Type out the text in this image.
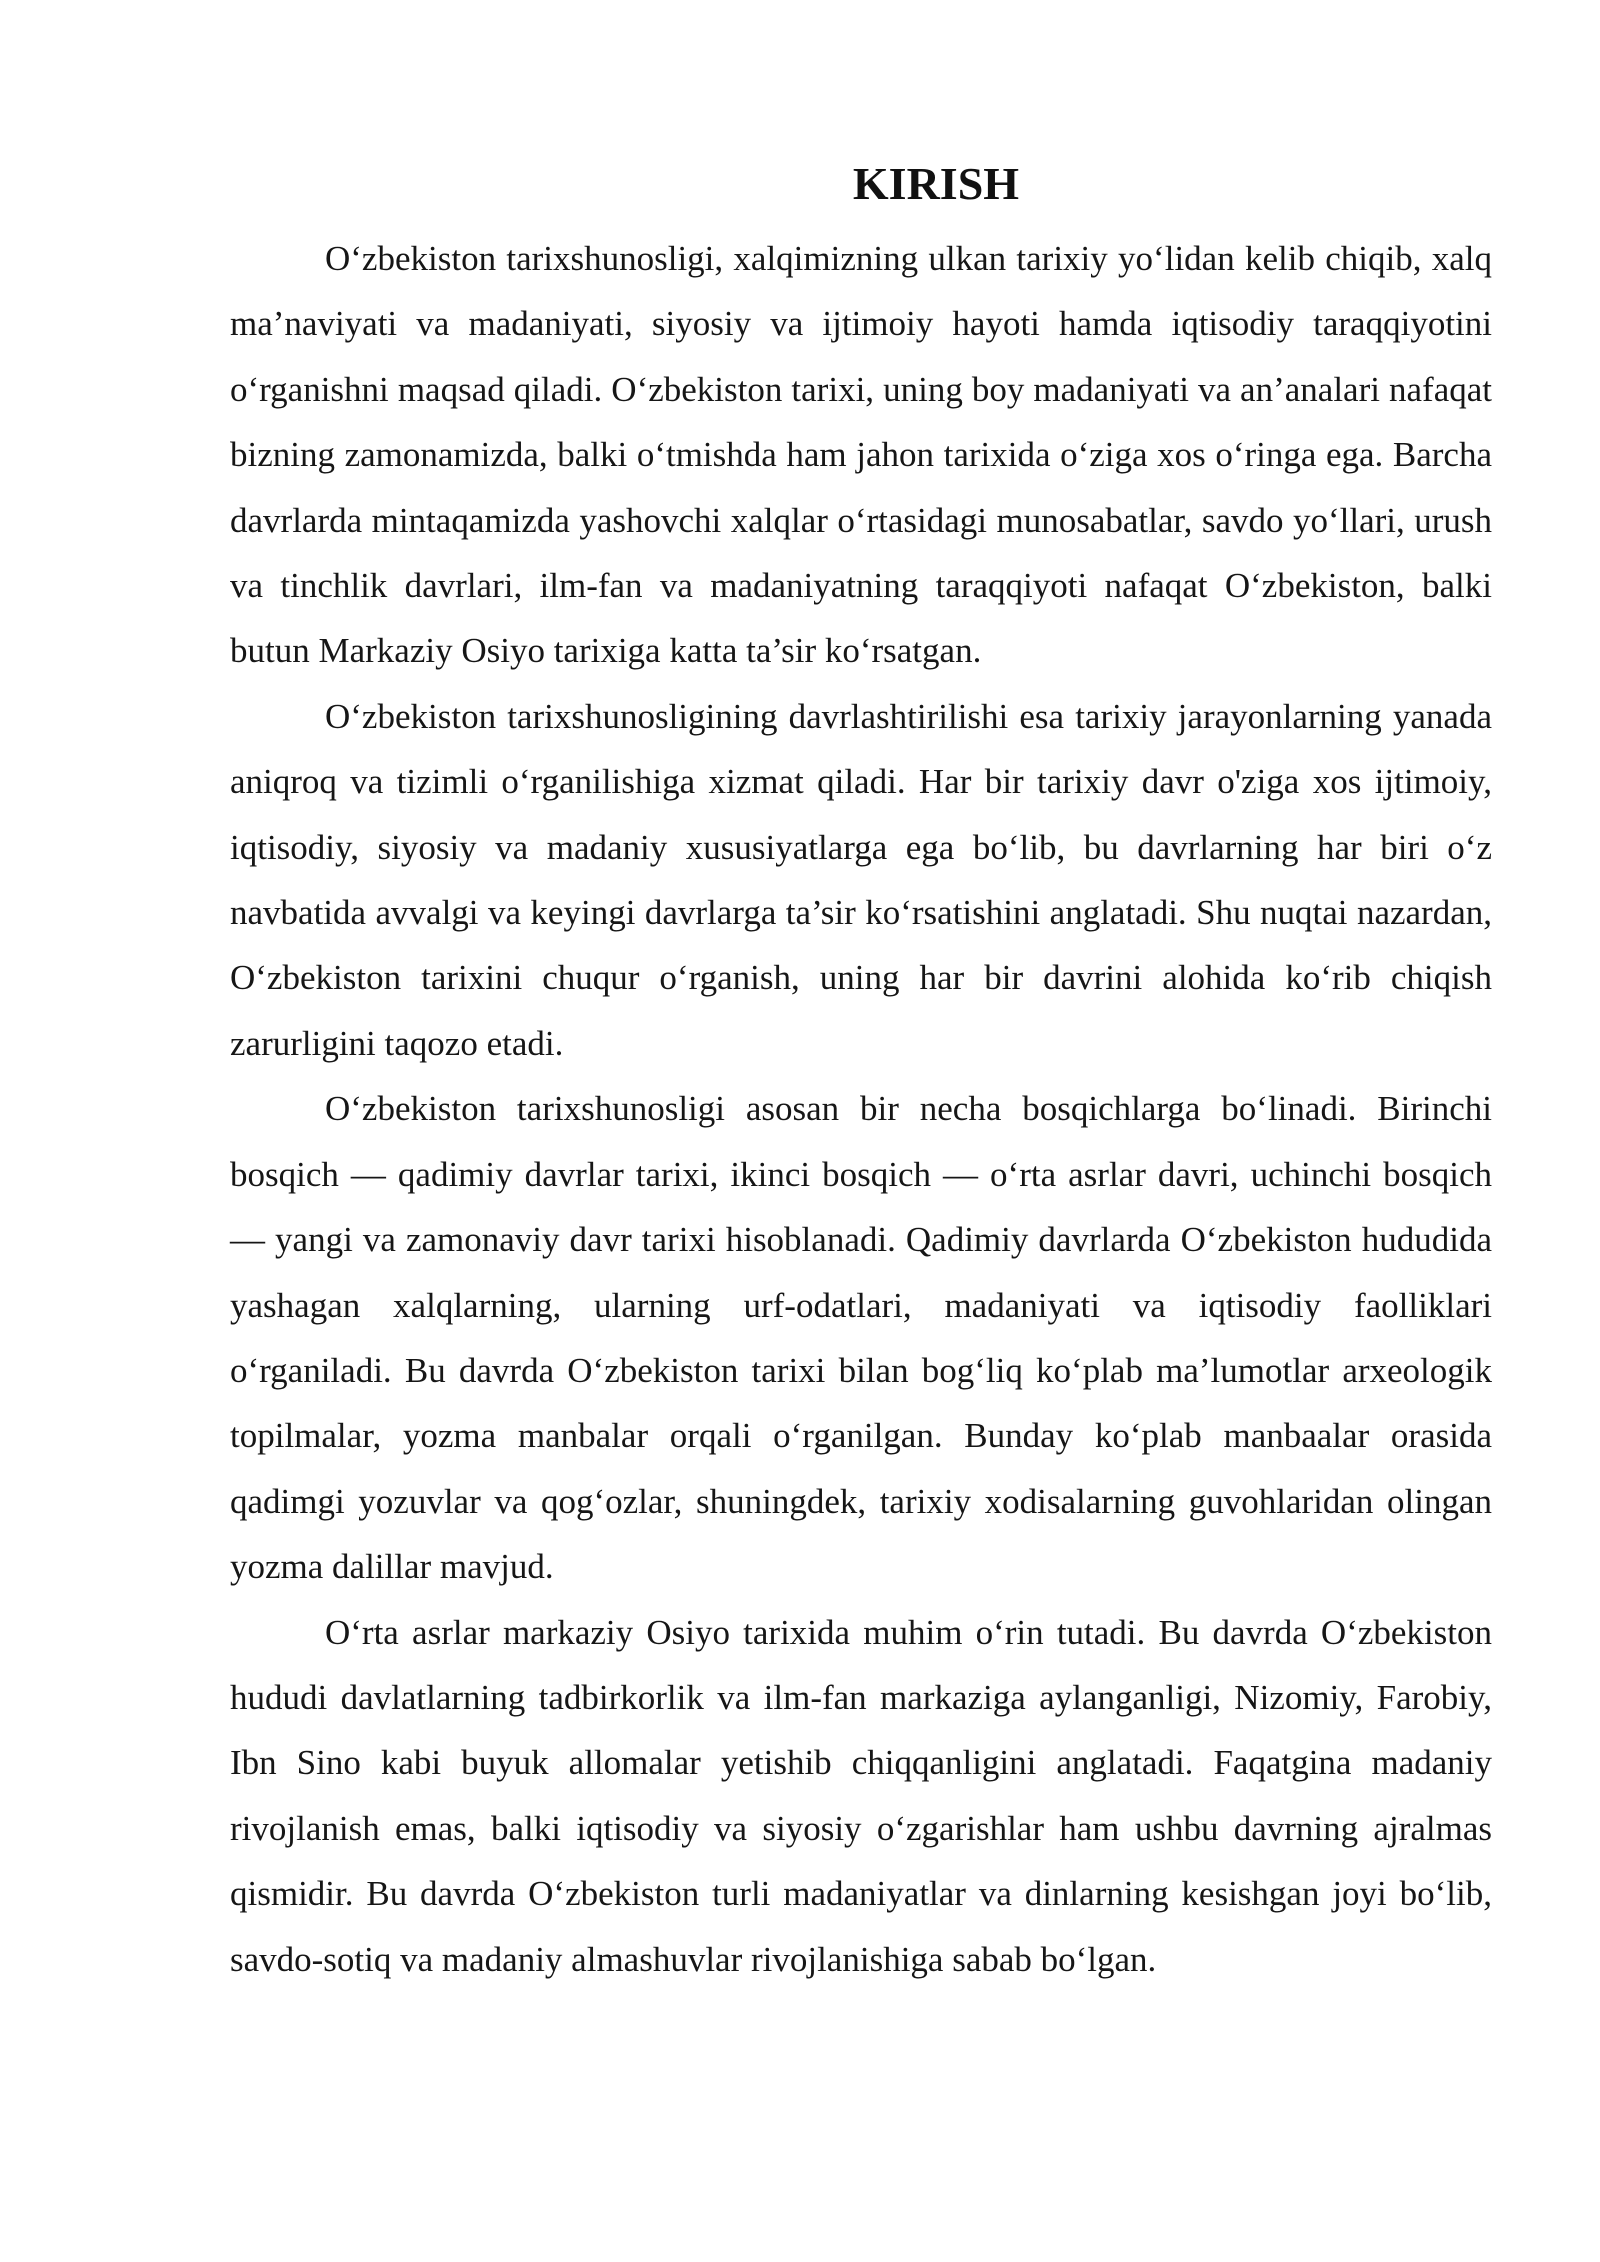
KIRISH

O‘zbekiston tarixshunosligi, xalqimizning ulkan tarixiy yo‘lidan kelib chiqib, xalq ma’naviyati va madaniyati, siyosiy va ijtimoiy hayoti hamda iqtisodiy taraqqiyotini o‘rganishni maqsad qiladi. O‘zbekiston tarixi, uning boy madaniyati va an’analari nafaqat bizning zamonamizda, balki o‘tmishda ham jahon tarixida o‘ziga xos o‘ringa ega. Barcha davrlarda mintaqamizda yashovchi xalqlar o‘rtasidagi munosabatlar, savdo yo‘llari, urush va tinchlik davrlari, ilm-fan va madaniyatning taraqqiyoti nafaqat O‘zbekiston, balki butun Markaziy Osiyo tarixiga katta ta’sir ko‘rsatgan.

O‘zbekiston tarixshunosligining davrlashtirilishi esa tarixiy jarayonlarning yanada aniqroq va tizimli o‘rganilishiga xizmat qiladi. Har bir tarixiy davr o'ziga xos ijtimoiy, iqtisodiy, siyosiy va madaniy xususiyatlarga ega bo‘lib, bu davrlarning har biri o‘z navbatida avvalgi va keyingi davrlarga ta’sir ko‘rsatishini anglatadi. Shu nuqtai nazardan, O‘zbekiston tarixini chuqur o‘rganish, uning har bir davrini alohida ko‘rib chiqish zarurligini taqozo etadi.

O‘zbekiston tarixshunosligi asosan bir necha bosqichlarga bo‘linadi. Birinchi bosqich — qadimiy davrlar tarixi, ikinci bosqich — o‘rta asrlar davri, uchinchi bosqich — yangi va zamonaviy davr tarixi hisoblanadi. Qadimiy davrlarda O‘zbekiston hududida yashagan xalqlarning, ularning urf-odatlari, madaniyati va iqtisodiy faolliklari o‘rganiladi. Bu davrda O‘zbekiston tarixi bilan bog‘liq ko‘plab ma’lumotlar arxeologik topilmalar, yozma manbalar orqali o‘rganilgan. Bunday ko‘plab manbaalar orasida qadimgi yozuvlar va qog‘ozlar, shuningdek, tarixiy xodisalarning guvohlaridan olingan yozma dalillar mavjud.

O‘rta asrlar markaziy Osiyo tarixida muhim o‘rin tutadi. Bu davrda O‘zbekiston hududi davlatlarning tadbirkorlik va ilm-fan markaziga aylanganligi, Nizomiy, Farobiy, Ibn Sino kabi buyuk allomalar yetishib chiqqanligini anglatadi. Faqatgina madaniy rivojlanish emas, balki iqtisodiy va siyosiy o‘zgarishlar ham ushbu davrning ajralmas qismidir. Bu davrda O‘zbekiston turli madaniyatlar va dinlarning kesishgan joyi bo‘lib, savdo-sotiq va madaniy almashuvlar rivojlanishiga sabab bo‘lgan.
